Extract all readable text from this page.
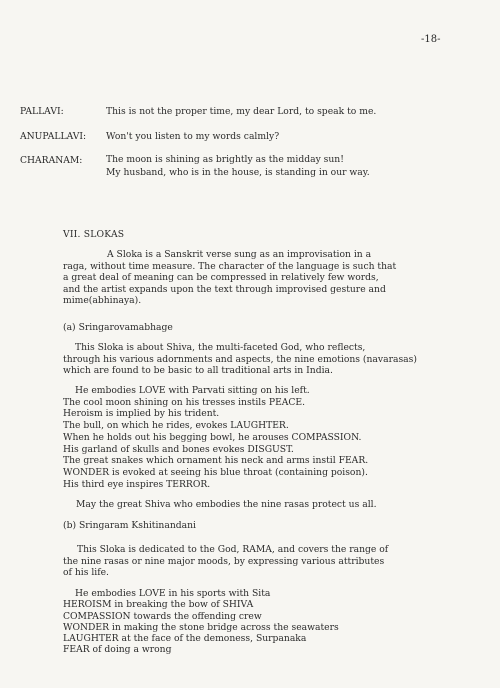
-18-
PALLAVI:	This is not the proper time, my dear Lord, to speak to me.
ANUPALLAVI: Won't you listen to my words calmly?
CHARANAM:	The moon is shining as brightly as the midday sun!
My husband, who is in the house, is standing in our way.
VII. SLOKAS
A Sloka is a Sanskrit verse sung as an improvisation in a
raga, without time measure. The character of the language is such that
a great deal of meaning can be compressed in relatively few words,
and the artist expands upon the text through improvised gesture and
mime(abhinaya).
(a) Sringarovamabhage
This Sloka is about Shiva, the multi-faceted God, who reflects,
through his various adornments and aspects, the nine emotions (navarasas)
which are found to be basic to all traditional arts in India.
He embodies LOVE with Parvati sitting on his left.
The cool moon shining on his tresses instils PEACE.
Heroism is implied by his trident.
The bull, on which he rides, evokes LAUGHTER.
When he holds out his begging bowl, he arouses COMPASSION.
His garland of skulls and bones evokes DISGUST.
The great snakes which ornament his neck and arms instil FEAR.
WONDER is evoked at seeing his blue throat (containing poison).
His third eye inspires TERROR.
May the great Shiva who embodies the nine rasas protect us all.
(b) Sringaram Kshitinandani
This Sloka is dedicated to the God, RAMA, and covers the range of
the nine rasas or nine major moods, by expressing various attributes
of his life.
He embodies LOVE in his sports with Sita
HEROISM in breaking the bow of SHIVA
COMPASSION towards the offending crew
WONDER in making the stone bridge across the seawaters
LAUGHTER at the face of the demoness, Surpanaka
FEAR of doing a wrong
